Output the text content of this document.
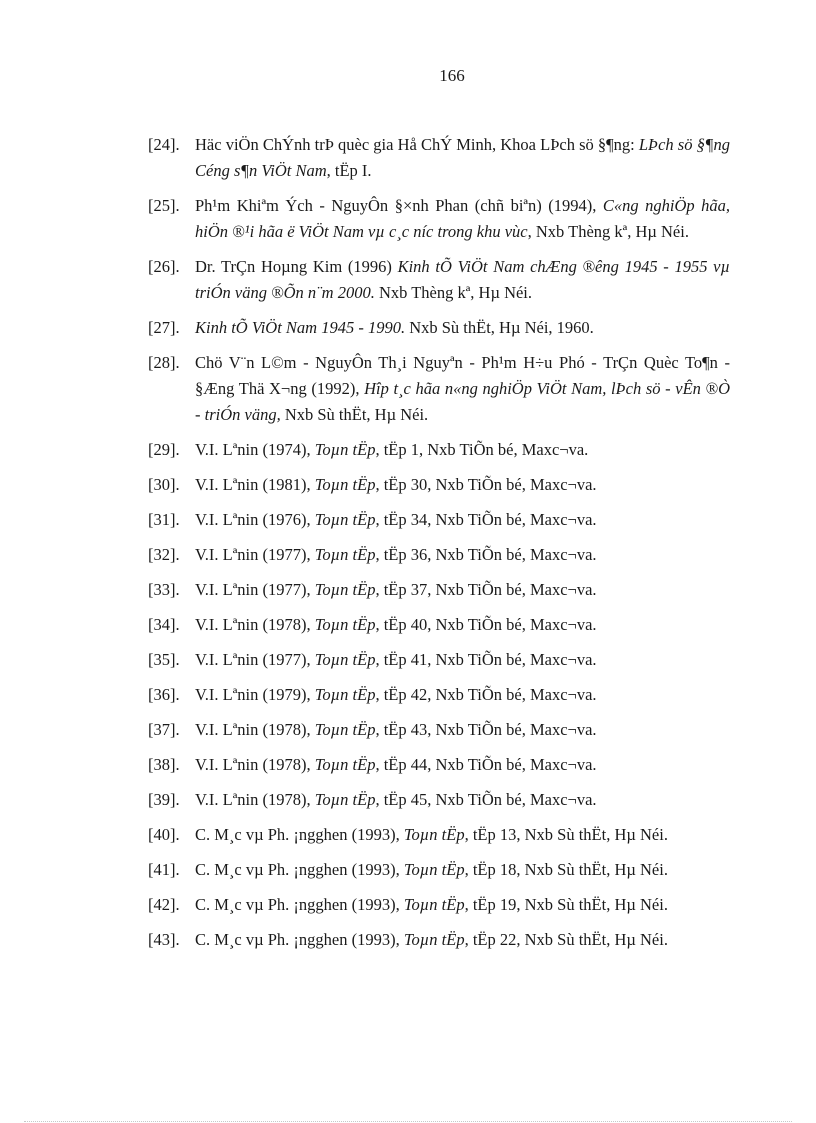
166
[24]. Häc viÖn ChÝnh trÞ quèc gia Hå ChÝ Minh, Khoa LÞch sö §¶ng: LÞch sö §¶ng Céng s¶n ViÖt Nam, tËp I.
[25]. Ph¹m Khiªm Ých - NguyÔn §×nh Phan (chñ biªn) (1994), C«ng nghiÖp hãa, hiÖn ®¹i hãa ë ViÖt Nam vµ c¸c níc trong khu vùc, Nxb Thèng kª, Hµ Néi.
[26]. Dr. TrÇn Hoµng Kim (1996) Kinh tÕ ViÖt Nam chÆng ®êng 1945 - 1955 vµ triÓn väng ®Õn n¨m 2000. Nxb Thèng kª, Hµ Néi.
[27]. Kinh tÕ ViÖt Nam 1945 - 1990. Nxb Sù thËt, Hµ Néi, 1960.
[28]. Chö V¨n L©m - NguyÔn Th¸i Nguyªn - Ph¹m H÷u Phó - TrÇn Quèc To¶n - §Æng Thä X¬ng (1992), Hîp t¸c hãa n«ng nghiÖp ViÖt Nam, lÞch sö - vÊn ®Ò - triÓn väng, Nxb Sù thËt, Hµ Néi.
[29]. V.I. Lªnin (1974), Toµn tËp, tËp 1, Nxb TiÕn bé, Maxc¬va.
[30]. V.I. Lªnin (1981), Toµn tËp, tËp 30, Nxb TiÕn bé, Maxc¬va.
[31]. V.I. Lªnin (1976), Toµn tËp, tËp 34, Nxb TiÕn bé, Maxc¬va.
[32]. V.I. Lªnin (1977), Toµn tËp, tËp 36, Nxb TiÕn bé, Maxc¬va.
[33]. V.I. Lªnin (1977), Toµn tËp, tËp 37, Nxb TiÕn bé, Maxc¬va.
[34]. V.I. Lªnin (1978), Toµn tËp, tËp 40, Nxb TiÕn bé, Maxc¬va.
[35]. V.I. Lªnin (1977), Toµn tËp, tËp 41, Nxb TiÕn bé, Maxc¬va.
[36]. V.I. Lªnin (1979), Toµn tËp, tËp 42, Nxb TiÕn bé, Maxc¬va.
[37]. V.I. Lªnin (1978), Toµn tËp, tËp 43, Nxb TiÕn bé, Maxc¬va.
[38]. V.I. Lªnin (1978), Toµn tËp, tËp 44, Nxb TiÕn bé, Maxc¬va.
[39]. V.I. Lªnin (1978), Toµn tËp, tËp 45, Nxb TiÕn bé, Maxc¬va.
[40]. C. M¸c vµ Ph. ¡ngghen (1993), Toµn tËp, tËp 13, Nxb Sù thËt, Hµ Néi.
[41]. C. M¸c vµ Ph. ¡ngghen (1993), Toµn tËp, tËp 18, Nxb Sù thËt, Hµ Néi.
[42]. C. M¸c vµ Ph. ¡ngghen (1993), Toµn tËp, tËp 19, Nxb Sù thËt, Hµ Néi.
[43]. C. M¸c vµ Ph. ¡ngghen (1993), Toµn tËp, tËp 22, Nxb Sù thËt, Hµ Néi.
